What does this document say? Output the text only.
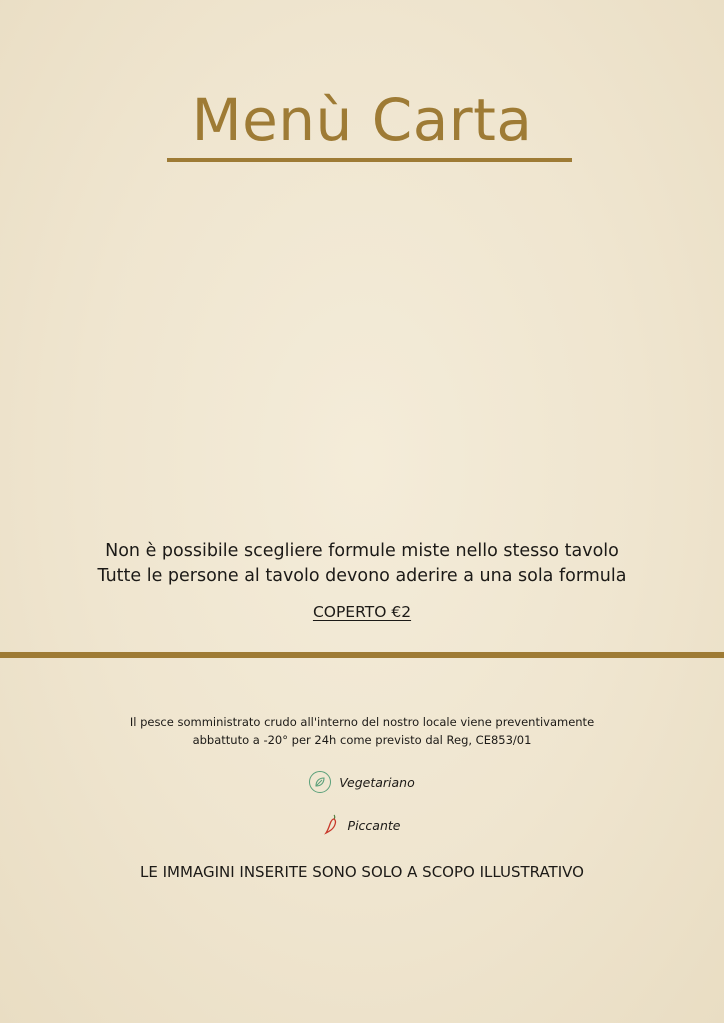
Menù Carta

Non è possibile scegliere formule miste nello stesso tavolo

Tutte le persone al tavolo devono aderire a una sola formula

COPERTO €2

Il pesce somministrato crudo all'interno del nostro locale viene preventivamente

abbattuto a -20° per 24h come previsto dal Reg, CE853/01

Vegetariano
Piccante
LE IMMAGINI INSERITE SONO SOLO A SCOPO ILLUSTRATIVO
